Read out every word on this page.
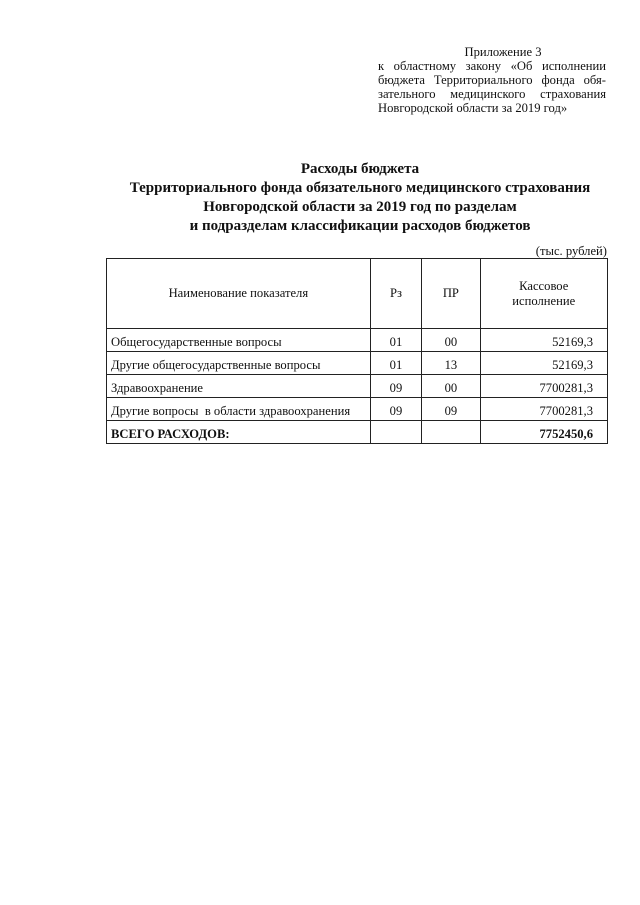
Приложение 3
к областному закону «Об исполнении
бюджета Территориального фонда обя-
зательного медицинского страхования
Новгородской области за 2019 год»
Расходы бюджета
Территориального фонда обязательного медицинского страхования
Новгородской области за 2019 год по разделам
и подразделам классификации расходов бюджетов
(тыс. рублей)
Наименование показателя	Рз	ПР	Кассовое
исполнение

Общегосударственные вопросы	01	00	52169,3
Другие общегосударственные вопросы	01	13	52169,3
Здравоохранение	09	00	7700281,3
Другие вопросы  в области здравоохранения	09	09	7700281,3
ВСЕГО РАСХОДОВ:			7752450,6
